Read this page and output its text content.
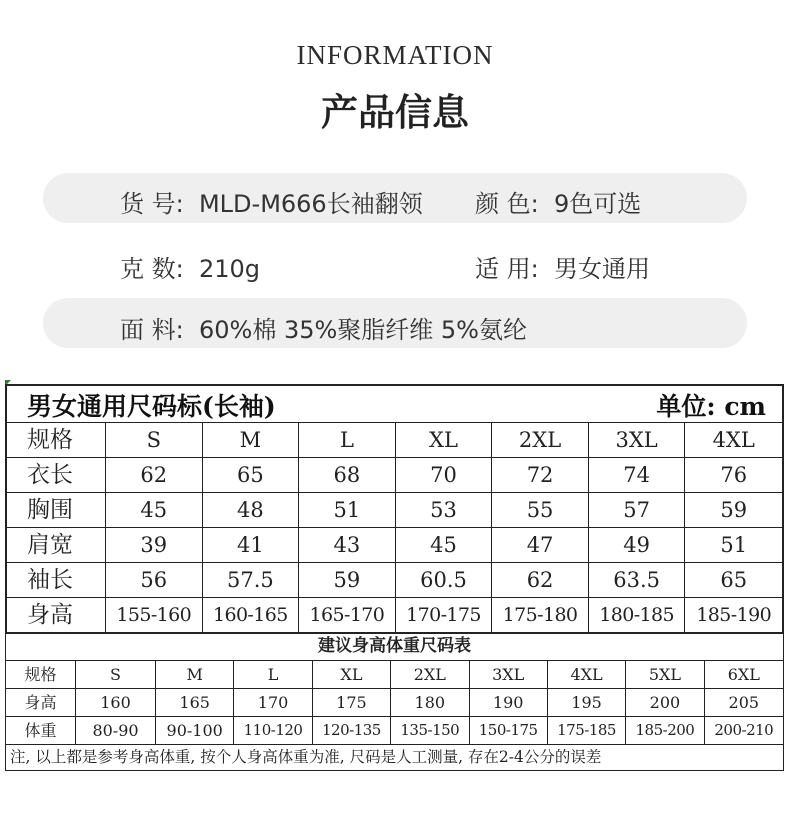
INFORMATION
产品信息
货 号:  MLD-M666长袖翻领 颜 色:  9色可选
克 数:  210g	适 用:  男女通用
面 料:  60%棉 35%聚脂纤维 5%氨纶
男女通用尺码标(长袖)	单位: cm
规格	S	M	L	XL	2XL	3XL	4XL
衣长	62	65	68	70	72	74	76
胸围	45	48	51	53	55	57	59
肩宽	39	41	43	45	47	49	51
袖长	56	57.5	59	60.5	62	63.5	65
身高	155-160	160-165	165-170	170-175	175-180	180-185	185-190
建议身高体重尺码表
规格	S	M	L	XL	2XL	3XL	4XL	5XL	6XL
身高	160	165	170	175	180	190	195	200	205
体重	80-90	90-100	110-120	120-135	135-150	150-175	175-185	185-200	200-210
注, 以上都是参考身高体重, 按个人身高体重为准, 尺码是人工测量, 存在2-4公分的误差
